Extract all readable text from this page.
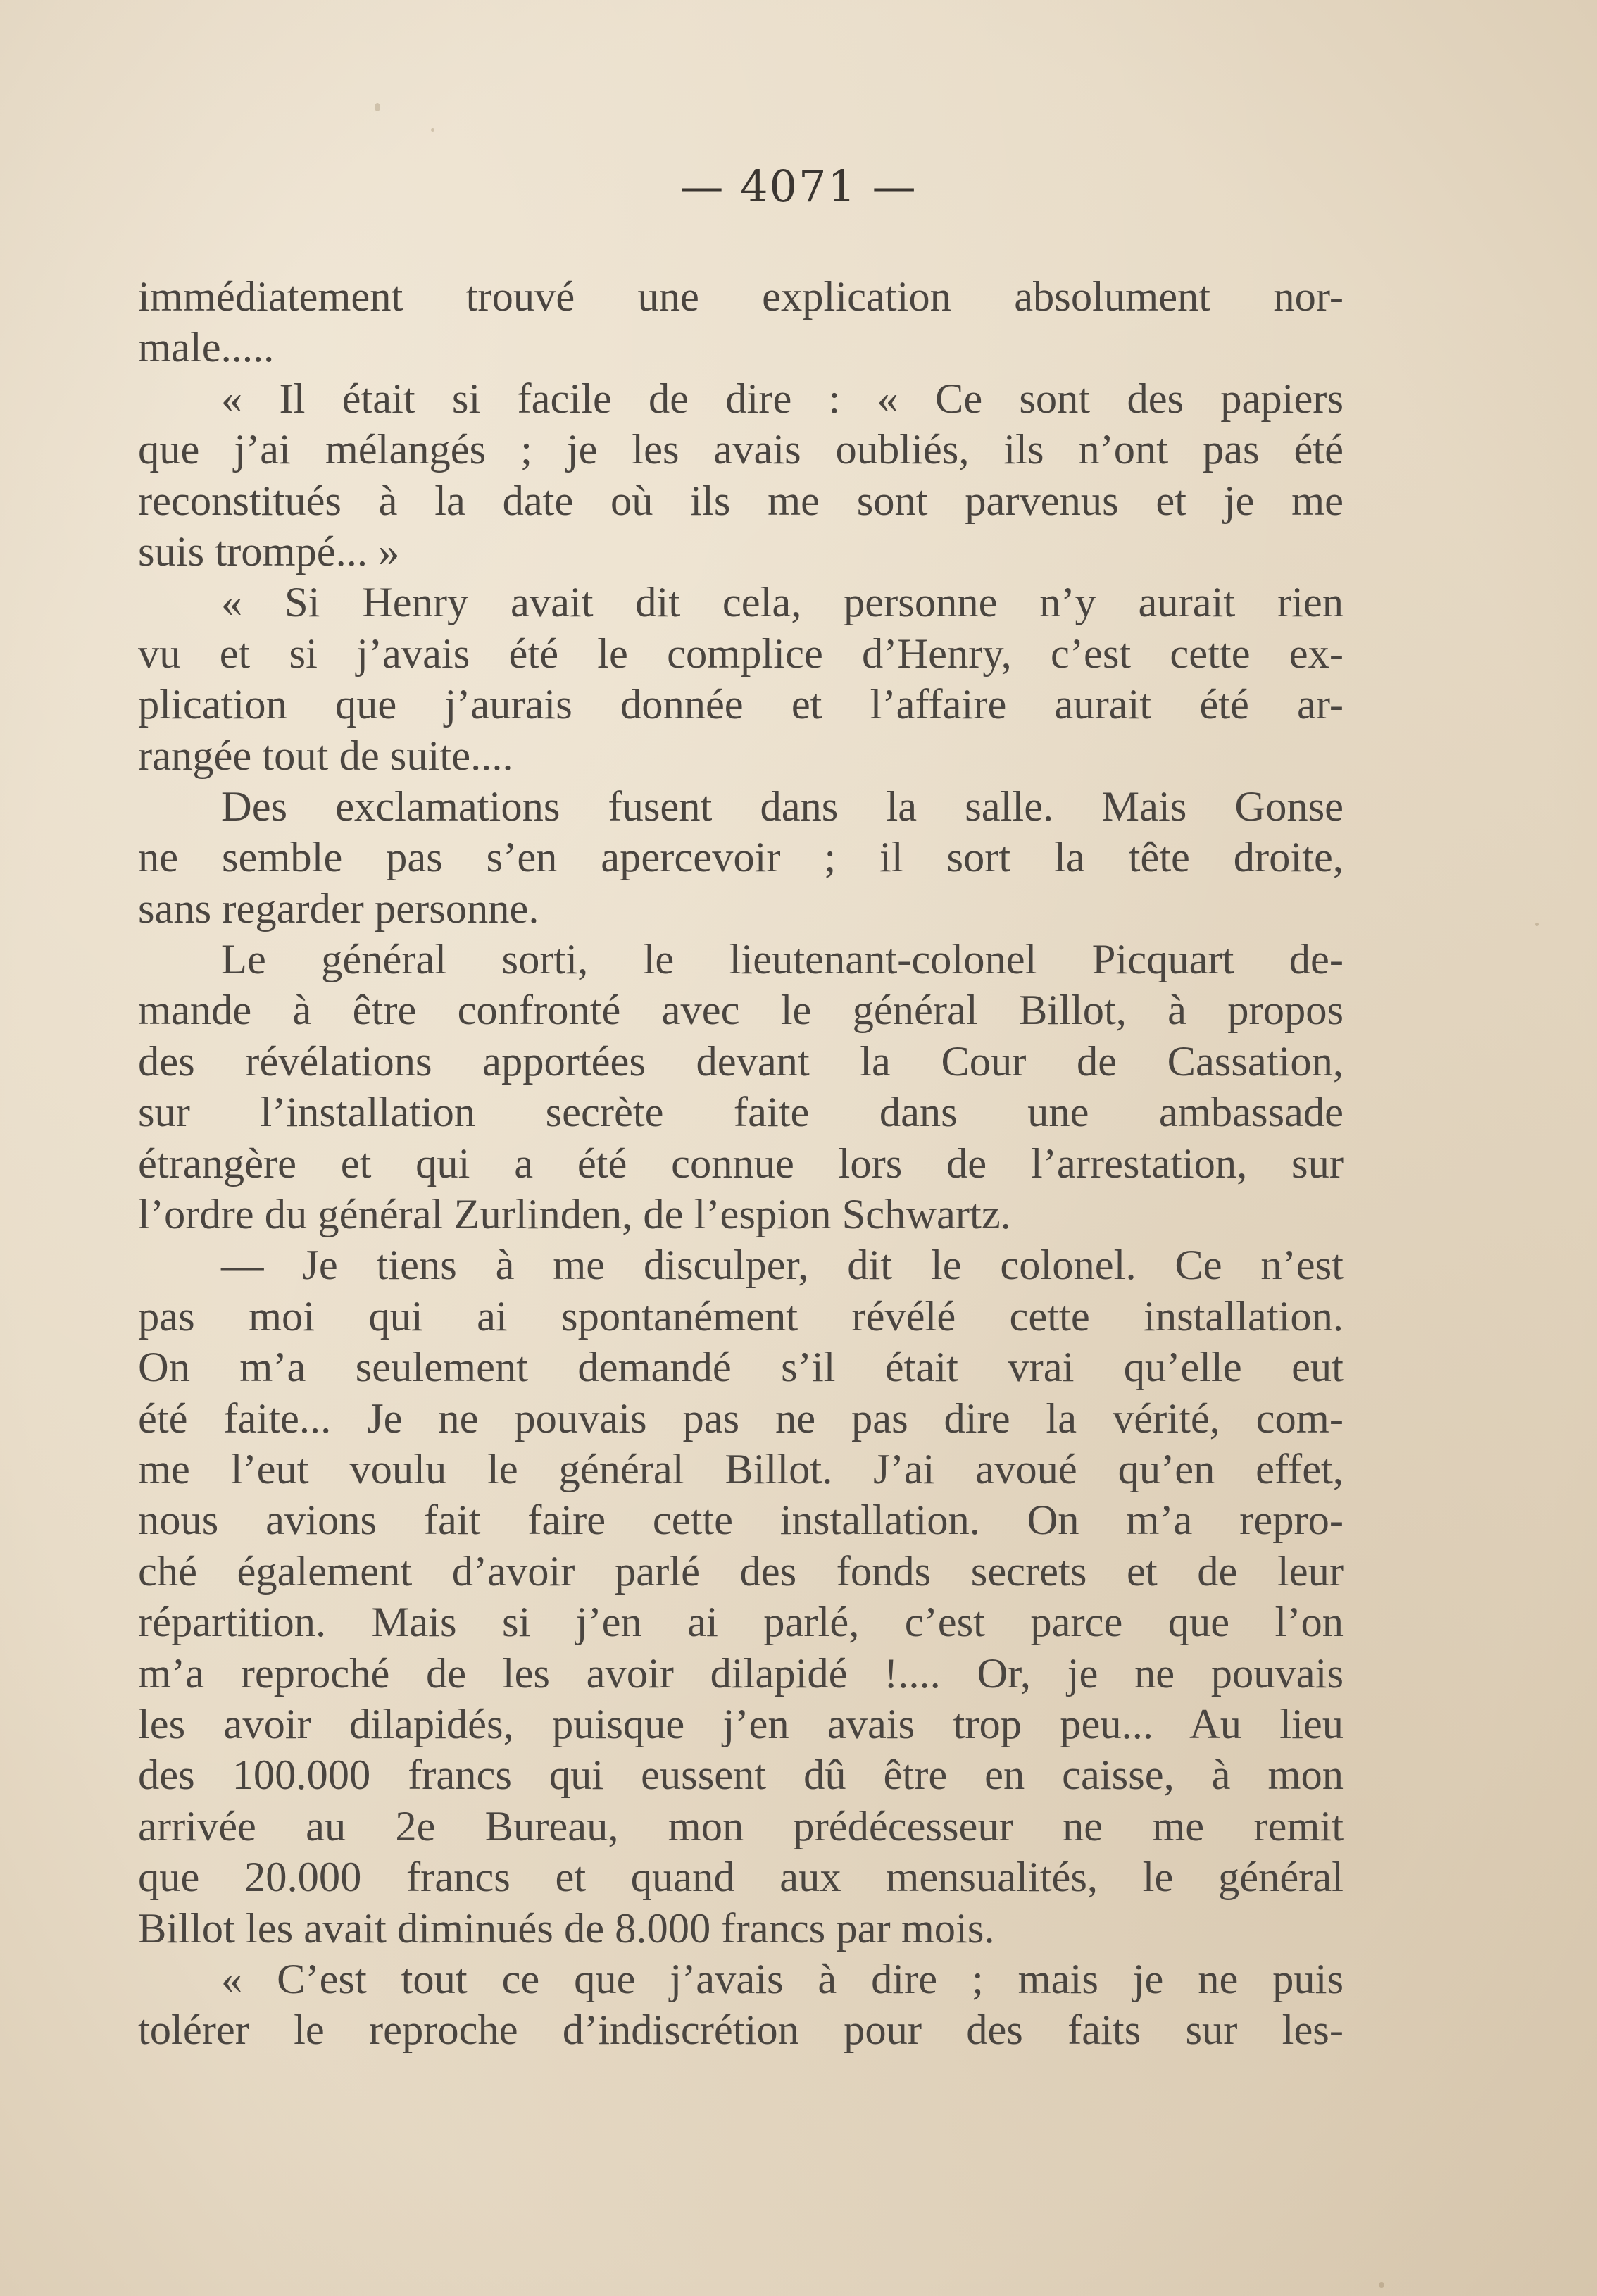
— 4071 —
immédiatement trouvé une explication absolument nor-
male.....
« Il était si facile de dire : « Ce sont des papiers
que j’ai mélangés ; je les avais oubliés, ils n’ont pas été
reconstitués à la date où ils me sont parvenus et je me
suis trompé... »
« Si Henry avait dit cela, personne n’y aurait rien
vu et si j’avais été le complice d’Henry, c’est cette ex-
plication que j’aurais donnée et l’affaire aurait été ar-
rangée tout de suite....
Des exclamations fusent dans la salle. Mais Gonse
ne semble pas s’en apercevoir ; il sort la tête droite,
sans regarder personne.
Le général sorti, le lieutenant-colonel Picquart de-
mande à être confronté avec le général Billot, à propos
des révélations apportées devant la Cour de Cassation,
sur l’installation secrète faite dans une ambassade
étrangère et qui a été connue lors de l’arrestation, sur
l’ordre du général Zurlinden, de l’espion Schwartz.
— Je tiens à me disculper, dit le colonel. Ce n’est
pas moi qui ai spontanément révélé cette installation.
On m’a seulement demandé s’il était vrai qu’elle eut
été faite... Je ne pouvais pas ne pas dire la vérité, com-
me l’eut voulu le général Billot. J’ai avoué qu’en effet,
nous avions fait faire cette installation. On m’a repro-
ché également d’avoir parlé des fonds secrets et de leur
répartition. Mais si j’en ai parlé, c’est parce que l’on
m’a reproché de les avoir dilapidé !.... Or, je ne pouvais
les avoir dilapidés, puisque j’en avais trop peu... Au lieu
des 100.000 francs qui eussent dû être en caisse, à mon
arrivée au 2e Bureau, mon prédécesseur ne me remit
que 20.000 francs et quand aux mensualités, le général
Billot les avait diminués de 8.000 francs par mois.
« C’est tout ce que j’avais à dire ; mais je ne puis
tolérer le reproche d’indiscrétion pour des faits sur les-
